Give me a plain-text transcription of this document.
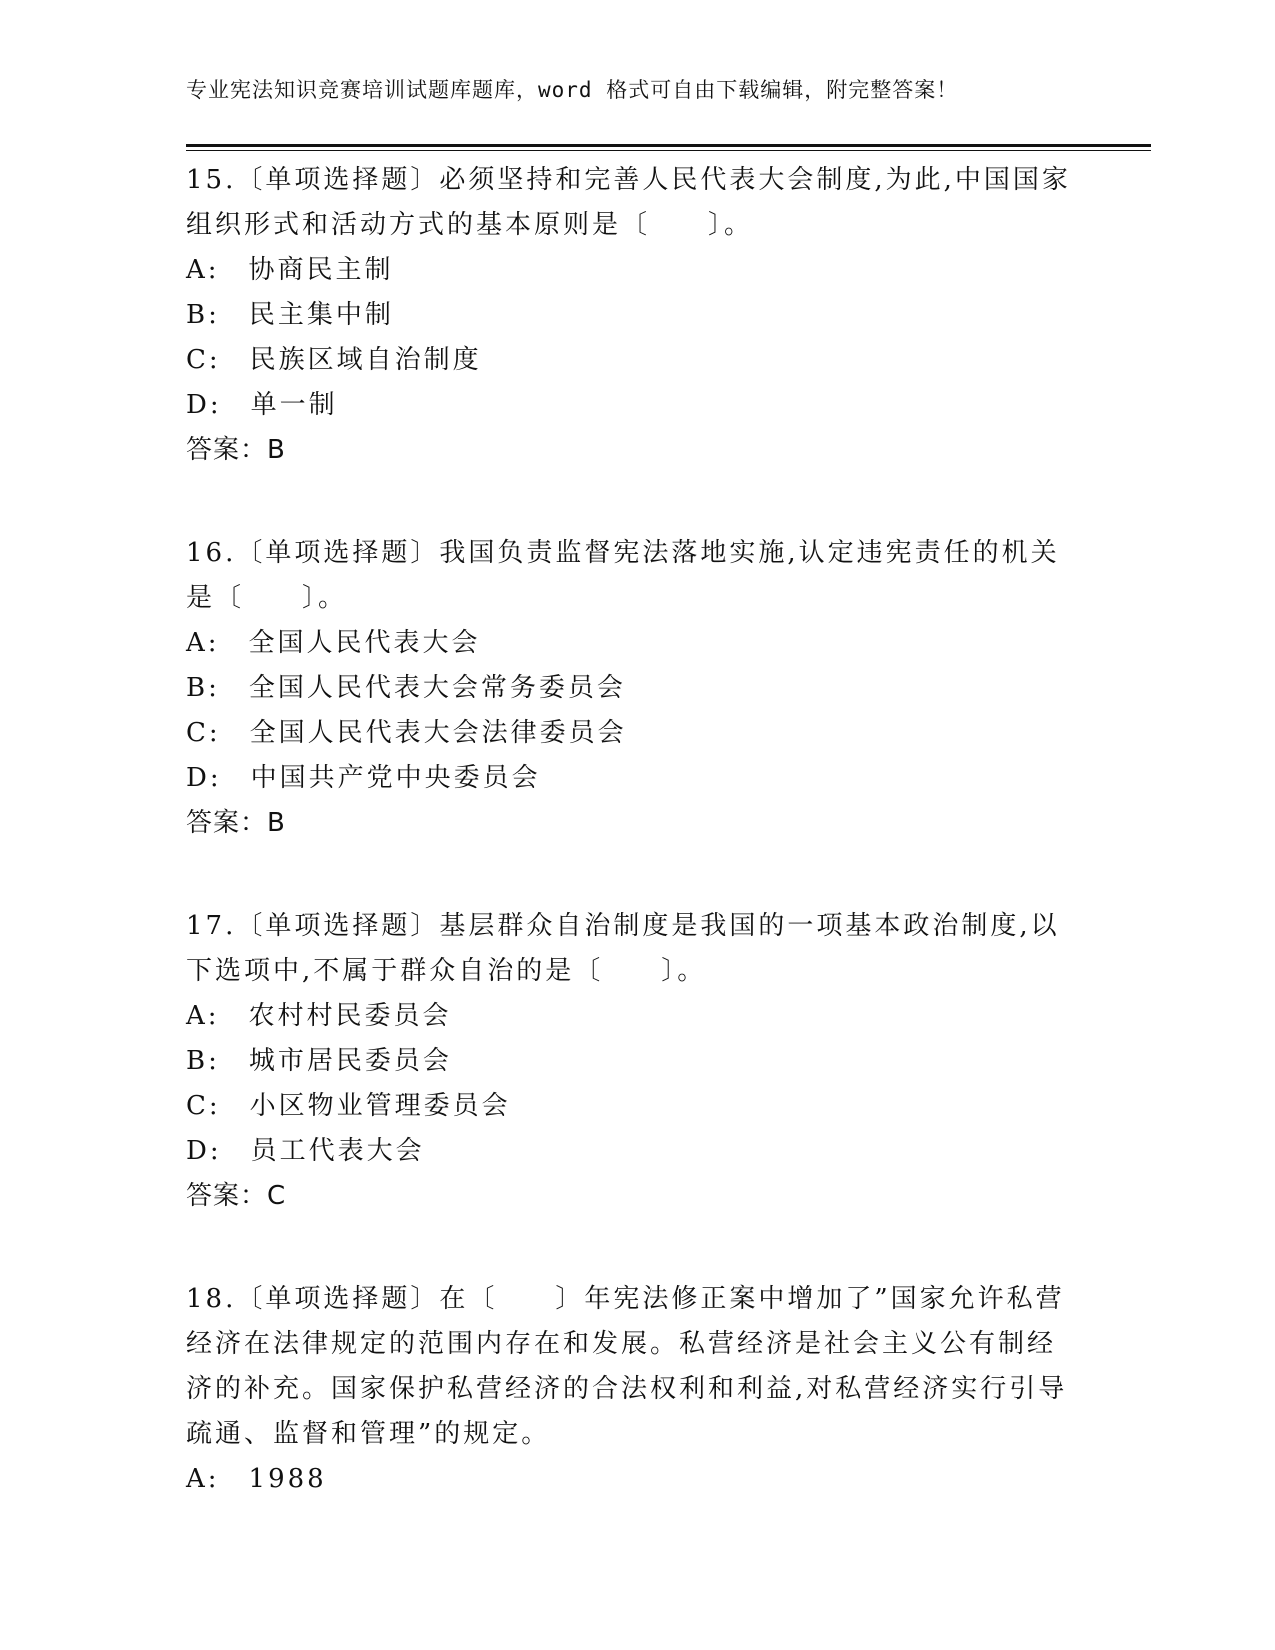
专业宪法知识竞赛培训试题库题库，word 格式可自由下载编辑，附完整答案！
15.〔单项选择题〕必须坚持和完善人民代表大会制度,为此,中国国家
组织形式和活动方式的基本原则是〔　　〕。
A:　协商民主制
B:　民主集中制
C:　民族区域自治制度
D:　单一制
答案：B
16.〔单项选择题〕我国负责监督宪法落地实施,认定违宪责任的机关
是〔　　〕。
A:　全国人民代表大会
B:　全国人民代表大会常务委员会
C:　全国人民代表大会法律委员会
D:　中国共产党中央委员会
答案：B
17.〔单项选择题〕基层群众自治制度是我国的一项基本政治制度,以
下选项中,不属于群众自治的是〔　　〕。
A:　农村村民委员会
B:　城市居民委员会
C:　小区物业管理委员会
D:　员工代表大会
答案：C
18.〔单项选择题〕在〔　　〕年宪法修正案中增加了”国家允许私营
经济在法律规定的范围内存在和发展。私营经济是社会主义公有制经
济的补充。国家保护私营经济的合法权利和利益,对私营经济实行引导
疏通、监督和管理”的规定。
A:　1988
